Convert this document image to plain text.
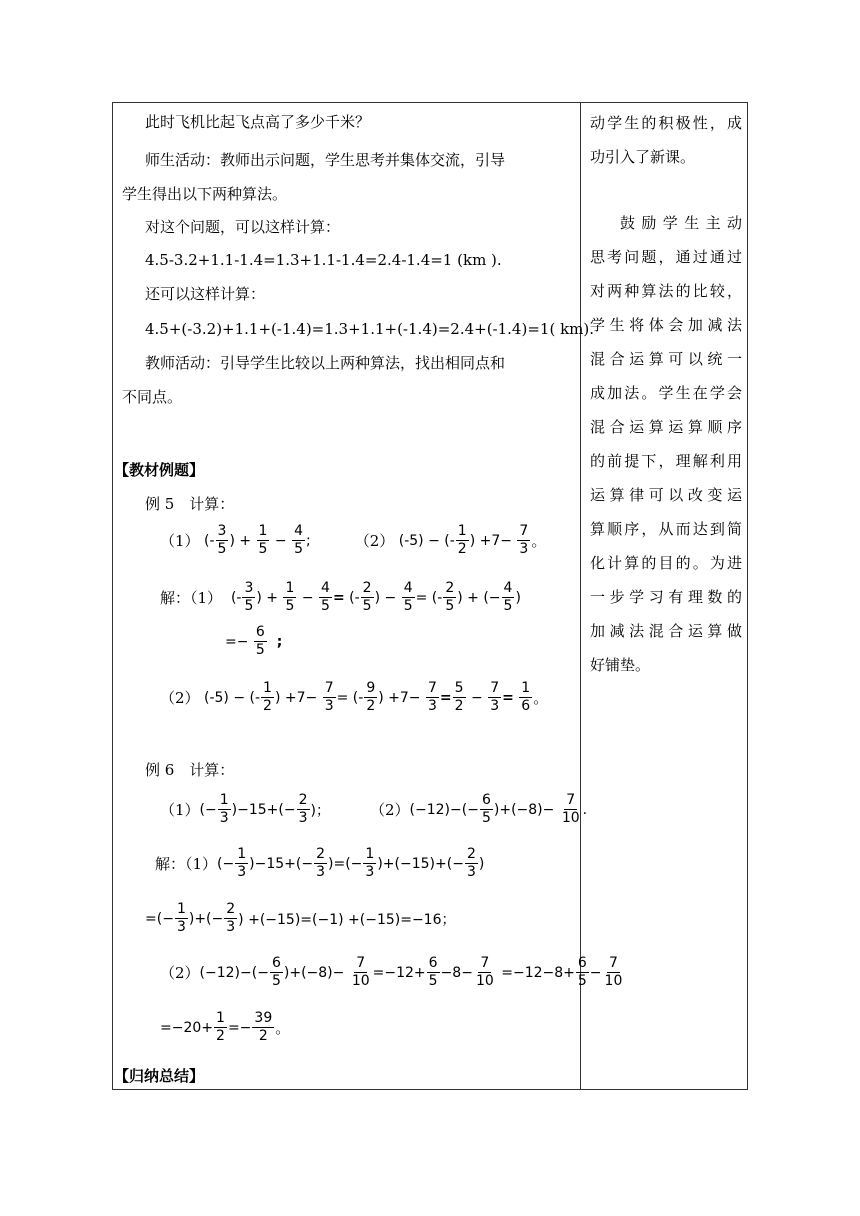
此时飞机比起飞点高了多少千米？
师生活动：教师出示问题，学生思考并集体交流，引导
学生得出以下两种算法。
对这个问题，可以这样计算：
4.5-3.2+1.1-1.4=1.3+1.1-1.4=2.4-1.4=1 (km ).
还可以这样计算：
4.5+(-3.2)+1.1+(-1.4)=1.3+1.1+(-1.4)=2.4+(-1.4)=1( km).
教师活动：引导学生比较以上两种算法，找出相同点和
不同点。
【教材例题】
例 5　计算：
（1） (- $\frac{3}{5}$ ) + $\frac{1}{5} - \frac{4}{5}$ ;	（2） (-5) − (- $\frac{1}{2}$ ) $+7- \frac{7}{3}$ 。
解：（1） (- $\frac{3}{5}$ ) + $\frac{1}{5} - \frac{4}{5}$ = (- $\frac{2}{5}$ ) − $\frac{4}{5}$ = (- $\frac{2}{5}$ ) + (− $\frac{4}{5}$ )
=− $\frac{6}{5}$ ;
（2） (-5) − (- $\frac{1}{2}$ ) $+7- \frac{7}{3}$ = (- $\frac{9}{2}$ ) $+7- \frac{7}{3} = \frac{5}{2} - \frac{7}{3} = \frac{1}{6}$ 。
例 6　计算：
（1） (− $\frac{1}{3} )-15+(- \frac{2}{3}$ )；	（2） $(-12)-(- \frac{6}{5} )+(-8)- \frac{7}{10}$ .
解：（1） (− $\frac{1}{3} )-15+(- \frac{2}{3}$ )=(− $\frac{1}{3} )+(-15)+(- \frac{2}{3}$ )
=(− $\frac{1}{3}$ )+(− $\frac{2}{3}$ ) +(−15)=(−1) +(−15)=−16；
（2） $(-12)-(- \frac{6}{5} )+(-8)- \frac{7}{10} =-12+ \frac{6}{5} -8- \frac{7}{10} =-12-8+ \frac{6}{5} - \frac{7}{10}$
$=-20+ \frac{1}{2} =- \frac{39}{2}$ 。
【归纳总结】
动学生的积极性，成
功引入了新课。
鼓励学生主动
思考问题，通过通过
对两种算法的比较，
学生将体会加减法
混合运算可以统一
成加法。学生在学会
混合运算运算顺序
的前提下，理解利用
运算律可以改变运
算顺序，从而达到简
化计算的目的。为进
一步学习有理数的
加减法混合运算做
好铺垫。
